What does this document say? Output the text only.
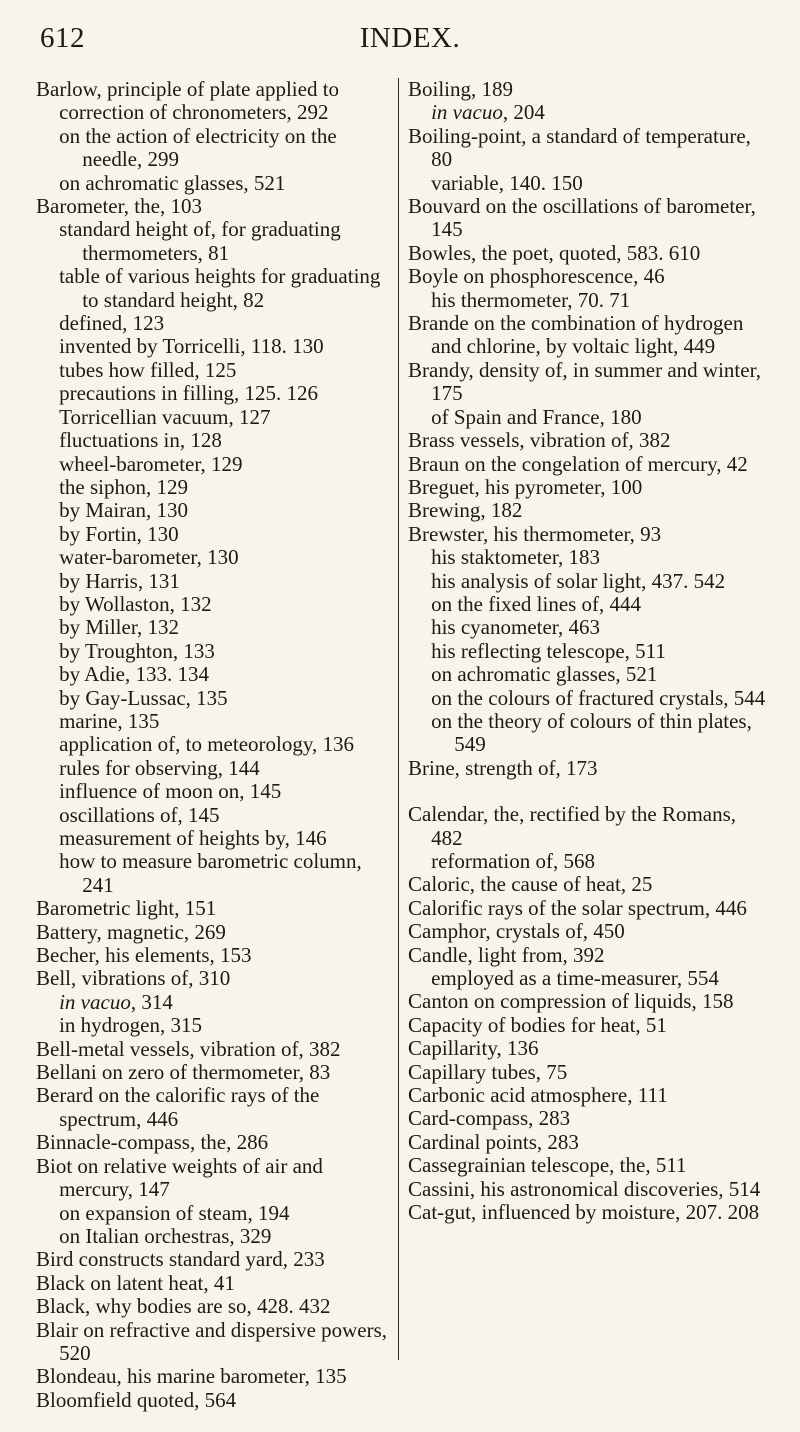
612	INDEX.
Barlow, principle of plate applied to correction of chronometers, 292
on the action of electricity on the needle, 299
on achromatic glasses, 521
Barometer, the, 103
standard height of, for graduating thermometers, 81
table of various heights for graduating to standard height, 82
defined, 123
invented by Torricelli, 118. 130
tubes how filled, 125
precautions in filling, 125. 126
Torricellian vacuum, 127
fluctuations in, 128
wheel-barometer, 129
the siphon, 129
by Mairan, 130
by Fortin, 130
water-barometer, 130
by Harris, 131
by Wollaston, 132
by Miller, 132
by Troughton, 133
by Adie, 133. 134
by Gay-Lussac, 135
marine, 135
application of, to meteorology, 136
rules for observing, 144
influence of moon on, 145
oscillations of, 145
measurement of heights by, 146
how to measure barometric column, 241
Barometric light, 151
Battery, magnetic, 269
Becher, his elements, 153
Bell, vibrations of, 310
in vacuo, 314
in hydrogen, 315
Bell-metal vessels, vibration of, 382
Bellani on zero of thermometer, 83
Berard on the calorific rays of the spectrum, 446
Binnacle-compass, the, 286
Biot on relative weights of air and mercury, 147
on expansion of steam, 194
on Italian orchestras, 329
Bird constructs standard yard, 233
Black on latent heat, 41
Black, why bodies are so, 428. 432
Blair on refractive and dispersive powers, 520
Blondeau, his marine barometer, 135
Bloomfield quoted, 564
Boiling, 189
in vacuo, 204
Boiling-point, a standard of temperature, 80
variable, 140. 150
Bouvard on the oscillations of barometer, 145
Bowles, the poet, quoted, 583. 610
Boyle on phosphorescence, 46
his thermometer, 70. 71
Brande on the combination of hydrogen and chlorine, by voltaic light, 449
Brandy, density of, in summer and winter, 175
of Spain and France, 180
Brass vessels, vibration of, 382
Braun on the congelation of mercury, 42
Breguet, his pyrometer, 100
Brewing, 182
Brewster, his thermometer, 93
his staktometer, 183
his analysis of solar light, 437. 542
on the fixed lines of, 444
his cyanometer, 463
his reflecting telescope, 511
on achromatic glasses, 521
on the colours of fractured crystals, 544
on the theory of colours of thin plates, 549
Brine, strength of, 173
Calendar, the, rectified by the Romans, 482
reformation of, 568
Caloric, the cause of heat, 25
Calorific rays of the solar spectrum, 446
Camphor, crystals of, 450
Candle, light from, 392
employed as a time-measurer, 554
Canton on compression of liquids, 158
Capacity of bodies for heat, 51
Capillarity, 136
Capillary tubes, 75
Carbonic acid atmosphere, 111
Card-compass, 283
Cardinal points, 283
Cassegrainian telescope, the, 511
Cassini, his astronomical discoveries, 514
Cat-gut, influenced by moisture, 207. 208
